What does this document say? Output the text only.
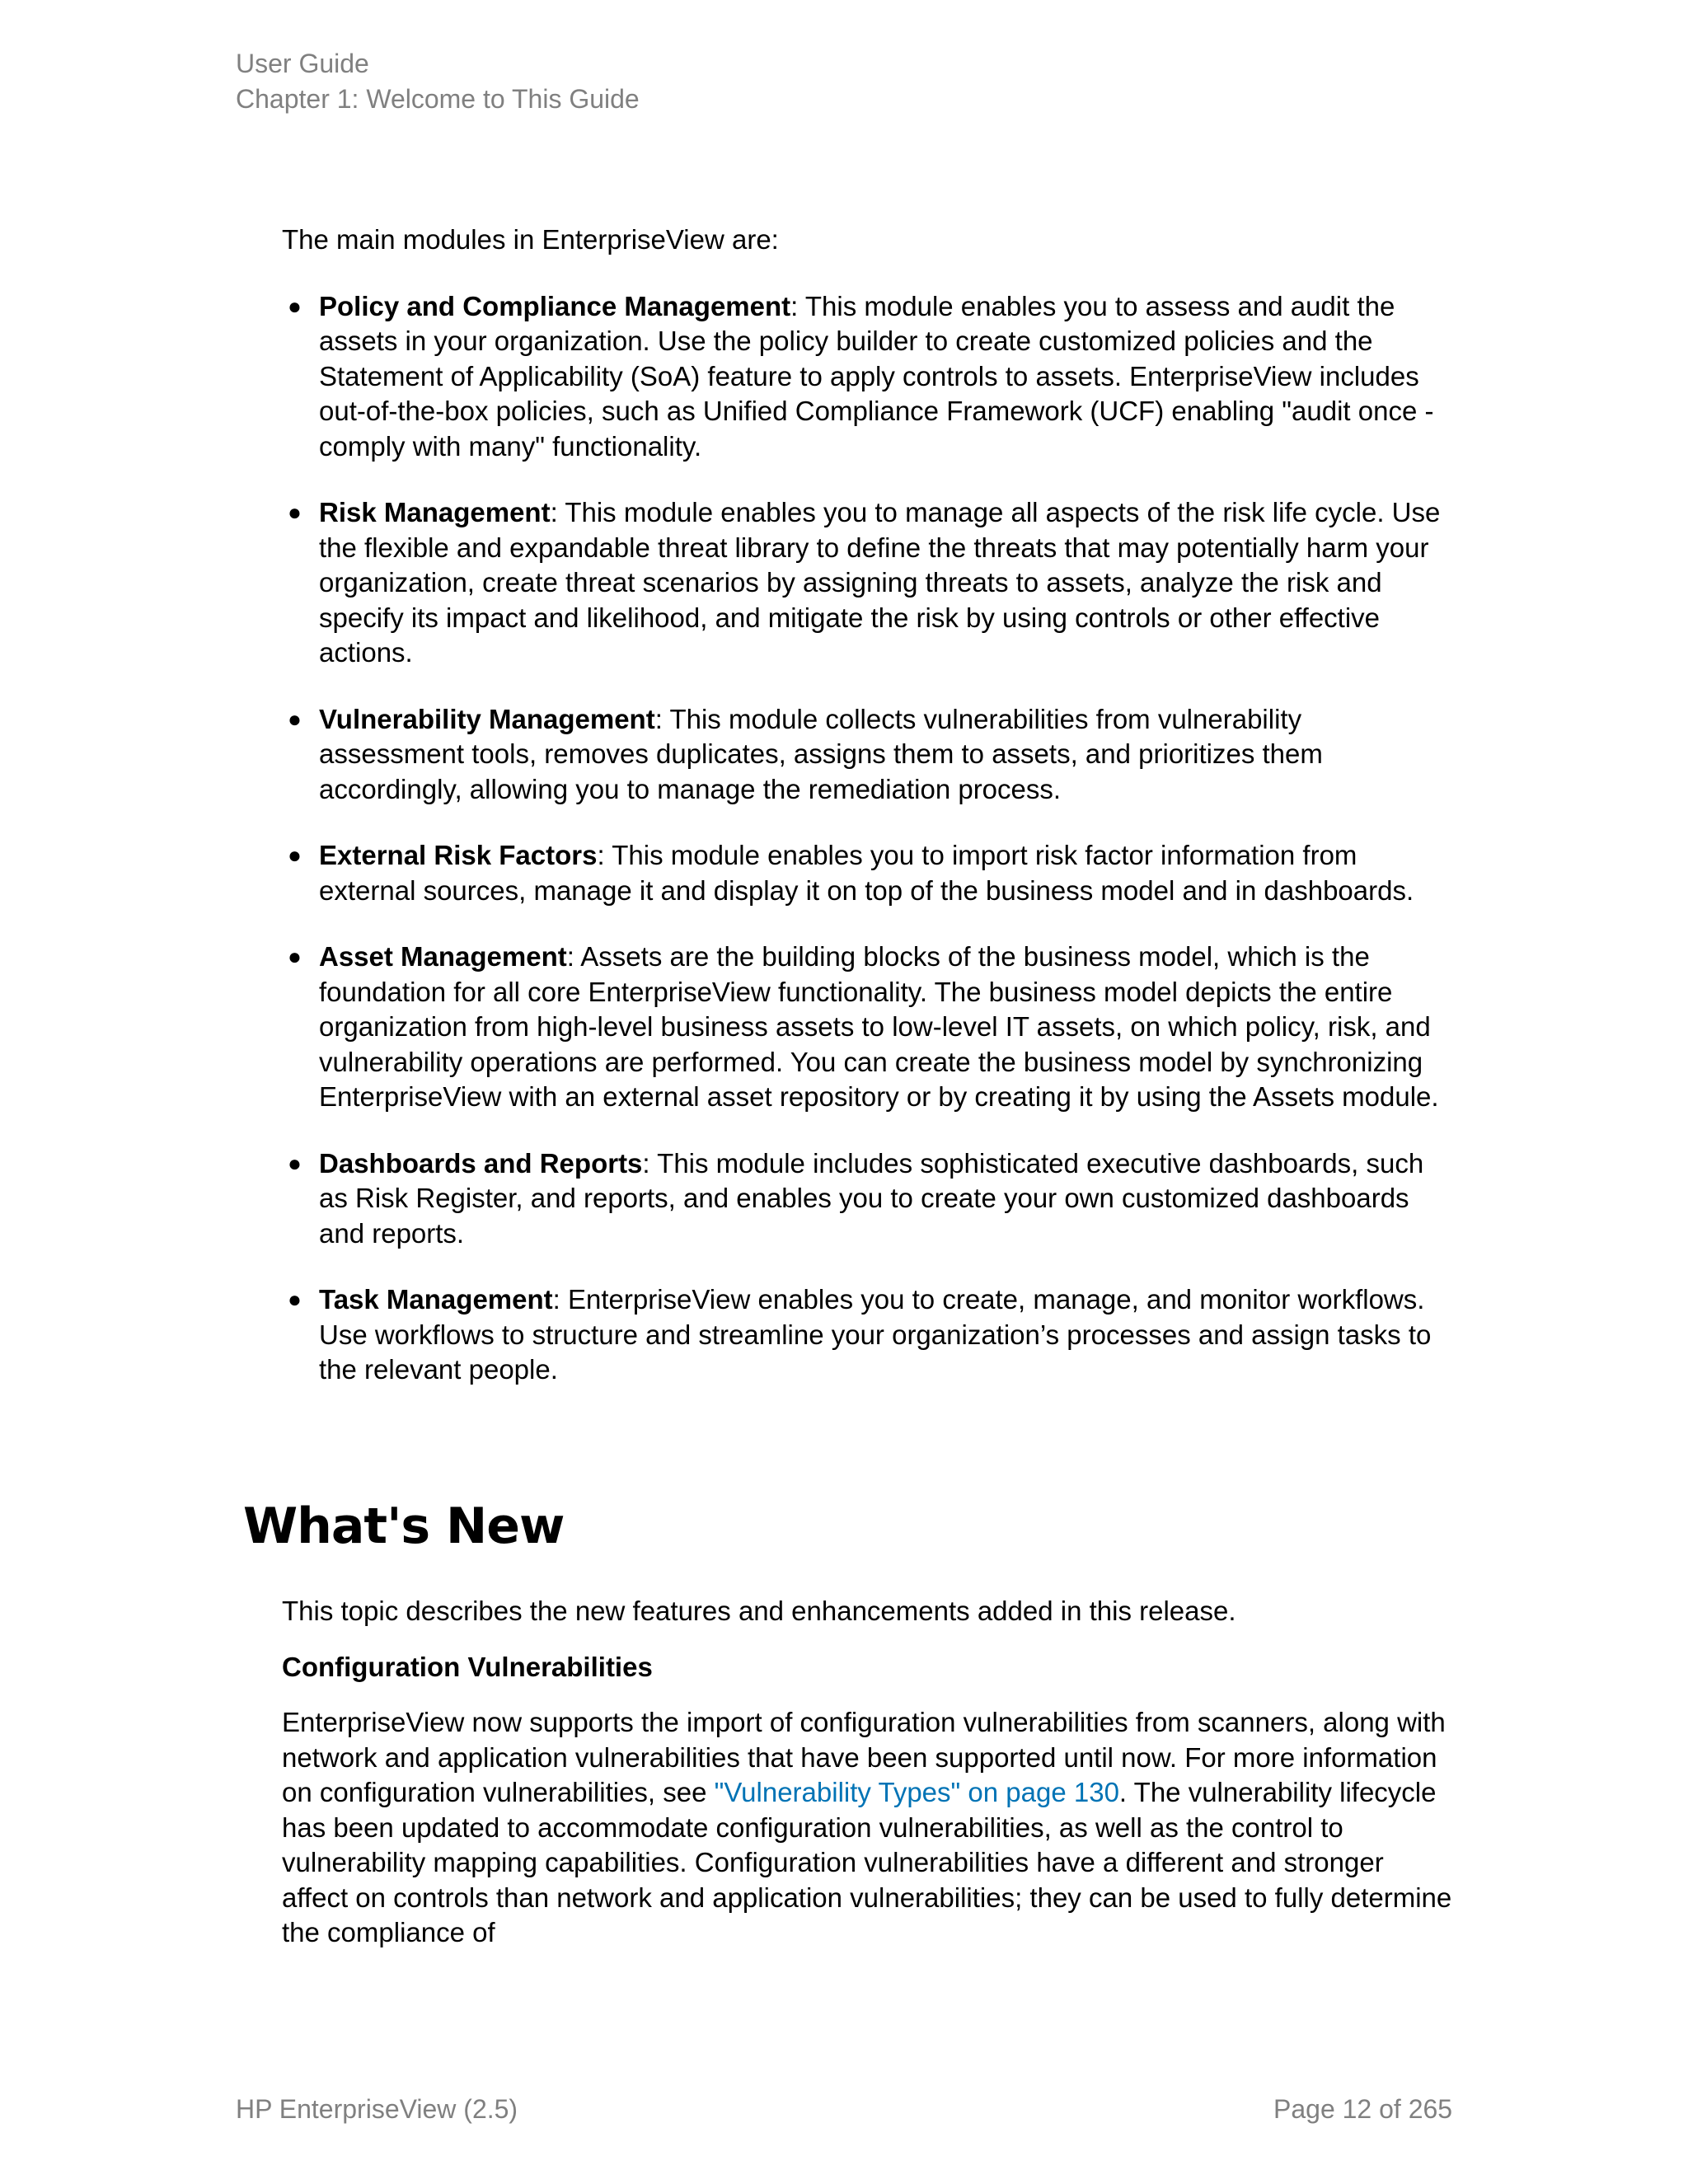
User Guide
Chapter 1: Welcome to This Guide

The main modules in EnterpriseView are:

● Policy and Compliance Management: This module enables you to assess and audit the assets in your organization. Use the policy builder to create customized policies and the Statement of Applicability (SoA) feature to apply controls to assets. EnterpriseView includes out-of-the-box policies, such as Unified Compliance Framework (UCF) enabling "audit once - comply with many" functionality.
● Risk Management: This module enables you to manage all aspects of the risk life cycle. Use the flexible and expandable threat library to define the threats that may potentially harm your organization, create threat scenarios by assigning threats to assets, analyze the risk and specify its impact and likelihood, and mitigate the risk by using controls or other effective actions.
● Vulnerability Management: This module collects vulnerabilities from vulnerability assessment tools, removes duplicates, assigns them to assets, and prioritizes them accordingly, allowing you to manage the remediation process.
● External Risk Factors: This module enables you to import risk factor information from external sources, manage it and display it on top of the business model and in dashboards.
● Asset Management: Assets are the building blocks of the business model, which is the foundation for all core EnterpriseView functionality. The business model depicts the entire organization from high-level business assets to low-level IT assets, on which policy, risk, and vulnerability operations are performed. You can create the business model by synchronizing EnterpriseView with an external asset repository or by creating it by using the Assets module.
● Dashboards and Reports: This module includes sophisticated executive dashboards, such as Risk Register, and reports, and enables you to create your own customized dashboards and reports.
● Task Management: EnterpriseView enables you to create, manage, and monitor workflows. Use workflows to structure and streamline your organization’s processes and assign tasks to the relevant people.
What's New

This topic describes the new features and enhancements added in this release.

Configuration Vulnerabilities

EnterpriseView now supports the import of configuration vulnerabilities from scanners, along with network and application vulnerabilities that have been supported until now. For more information on configuration vulnerabilities, see "Vulnerability Types" on page 130. The vulnerability lifecycle has been updated to accommodate configuration vulnerabilities, as well as the control to vulnerability mapping capabilities. Configuration vulnerabilities have a different and stronger affect on controls than network and application vulnerabilities; they can be used to fully determine the compliance of

HP EnterpriseView (2.5)	Page 12 of 265
